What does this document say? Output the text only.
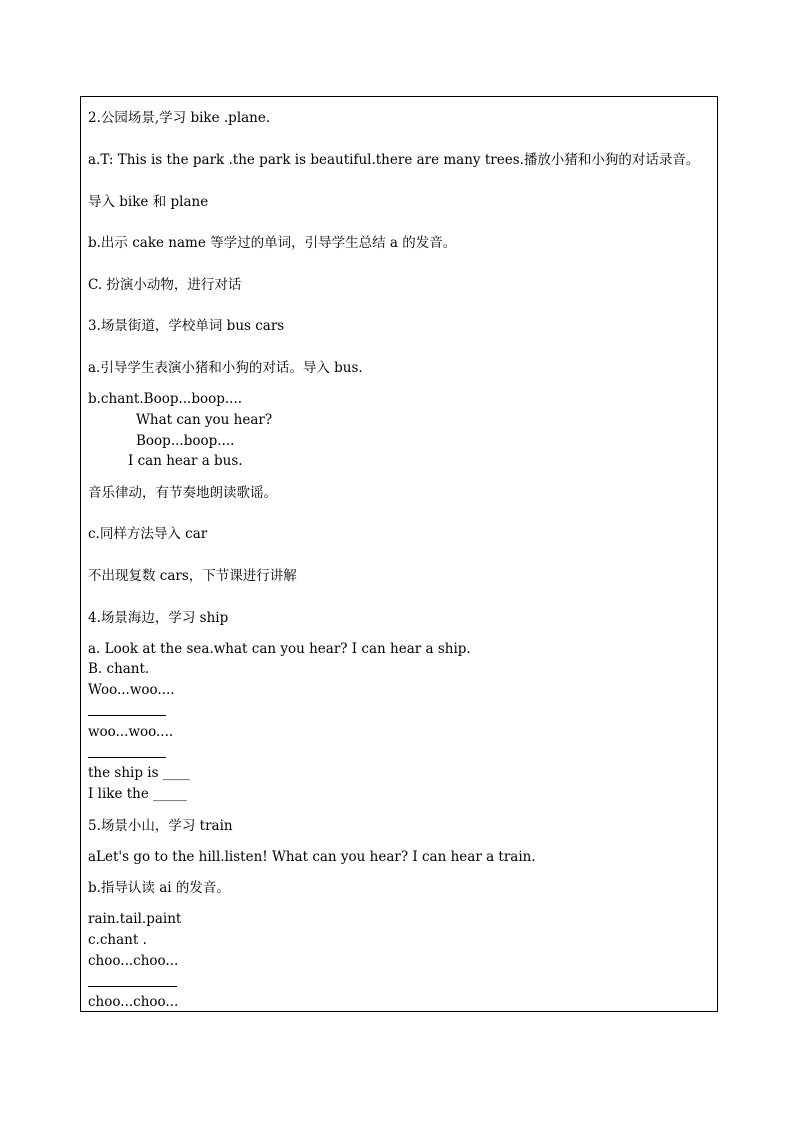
2.公园场景,学习 bike .plane.
a.T: This is the park .the park is beautiful.there are many trees.播放小猪和小狗的对话录音。
导入 bike 和 plane
b.出示 cake name 等学过的单词，引导学生总结 a 的发音。
C. 扮演小动物，进行对话
3.场景街道，学校单词 bus cars
a.引导学生表演小猪和小狗的对话。导入 bus.
b.chant.Boop...boop....
What can you hear?
Boop...boop....
I can hear a bus.
音乐律动，有节奏地朗读歌谣。
c.同样方法导入 car
不出现复数 cars，下节课进行讲解
4.场景海边，学习 ship
a. Look at the sea.what can you hear? I can hear a ship.
B. chant.
Woo...woo....
woo...woo....
the ship is ____
I like the _____
5.场景小山，学习 train
aLet's go to the hill.listen! What can you hear? I can hear a train.
b.指导认读 ai 的发音。
rain.tail.paint
c.chant .
choo...choo...
choo...choo...
